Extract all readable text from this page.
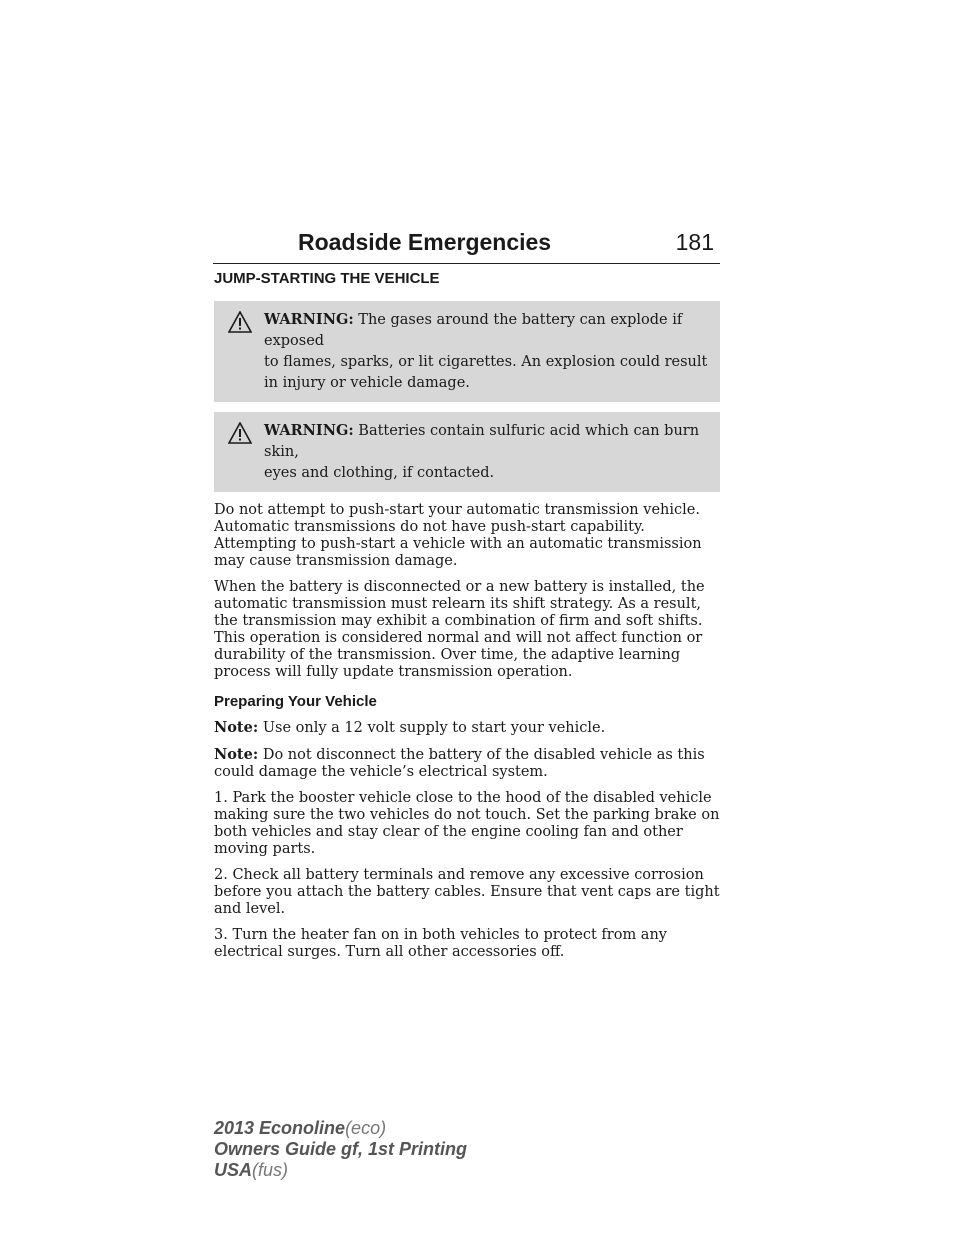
Roadside Emergencies	181
JUMP-STARTING THE VEHICLE
WARNING: The gases around the battery can explode if exposed
to flames, sparks, or lit cigarettes. An explosion could result in injury or vehicle damage.
WARNING: Batteries contain sulfuric acid which can burn skin,
eyes and clothing, if contacted.

Do not attempt to push-start your automatic transmission vehicle. Automatic transmissions do not have push-start capability. Attempting to push-start a vehicle with an automatic transmission may cause transmission damage.

When the battery is disconnected or a new battery is installed, the automatic transmission must relearn its shift strategy. As a result, the transmission may exhibit a combination of firm and soft shifts. This operation is considered normal and will not affect function or durability of the transmission. Over time, the adaptive learning process will fully update transmission operation.

Preparing Your Vehicle

Note: Use only a 12 volt supply to start your vehicle.

Note: Do not disconnect the battery of the disabled vehicle as this could damage the vehicle’s electrical system.

1. Park the booster vehicle close to the hood of the disabled vehicle making sure the two vehicles do not touch. Set the parking brake on both vehicles and stay clear of the engine cooling fan and other moving parts.

2. Check all battery terminals and remove any excessive corrosion before you attach the battery cables. Ensure that vent caps are tight and level.

3. Turn the heater fan on in both vehicles to protect from any electrical surges. Turn all other accessories off.

2013 Econoline(eco)
Owners Guide gf, 1st Printing
USA(fus)
